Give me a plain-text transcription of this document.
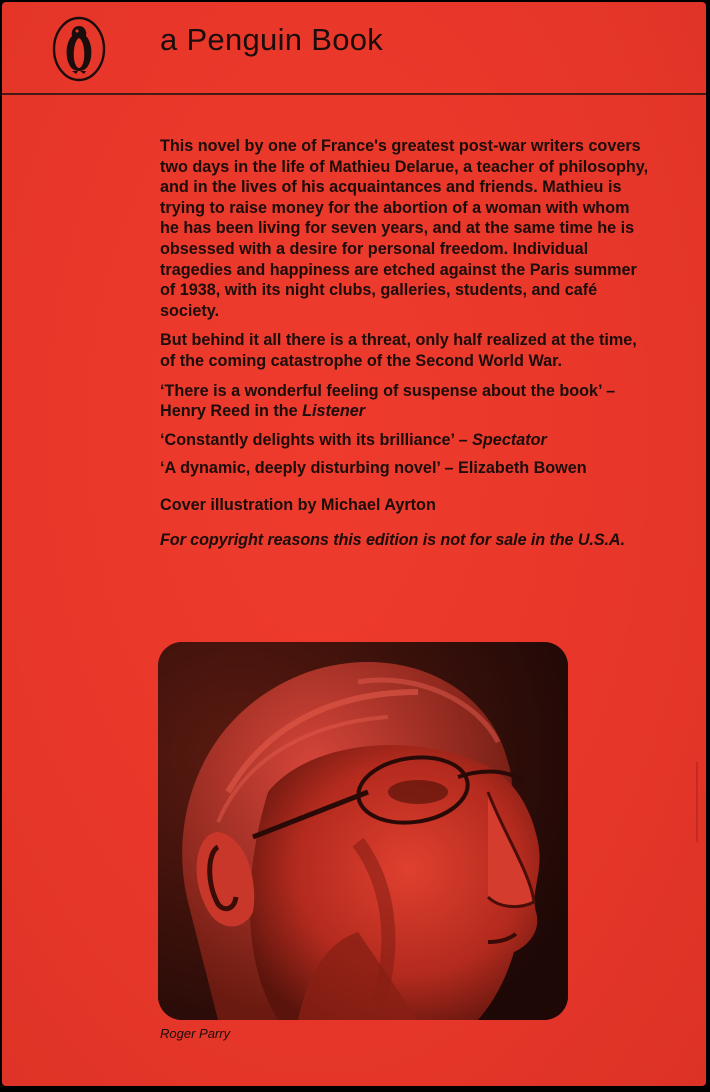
a Penguin Book

This novel by one of France's greatest post-war writers covers two days in the life of Mathieu Delarue, a teacher of philosophy, and in the lives of his acquaintances and friends. Mathieu is trying to raise money for the abortion of a woman with whom he has been living for seven years, and at the same time he is obsessed with a desire for personal freedom. Individual tragedies and happiness are etched against the Paris summer of 1938, with its night clubs, galleries, students, and café society.

But behind it all there is a threat, only half realized at the time, of the coming catastrophe of the Second World War.

‘There is a wonderful feeling of suspense about the book’ – Henry Reed in the Listener

‘Constantly delights with its brilliance’ – Spectator

‘A dynamic, deeply disturbing novel’ – Elizabeth Bowen

Cover illustration by Michael Ayrton

For copyright reasons this edition is not for sale in the U.S.A.

Roger Parry
